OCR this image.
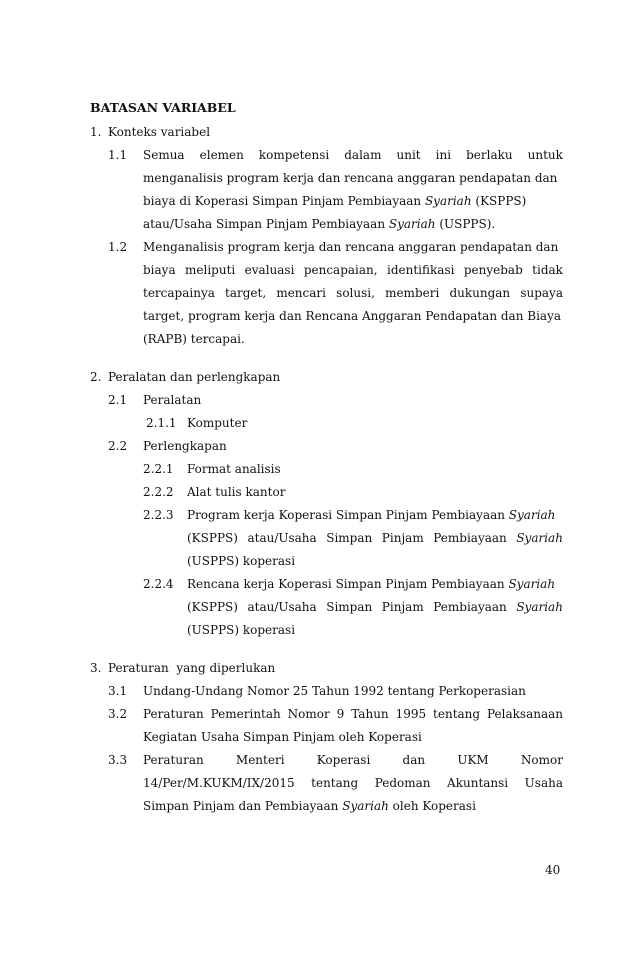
BATASAN VARIABEL
1. Konteks variabel
1.1 Semua elemen kompetensi dalam unit ini berlaku untuk
menganalisis program kerja dan rencana anggaran pendapatan dan
biaya di Koperasi Simpan Pinjam Pembiayaan Syariah (KSPPS)
atau/Usaha Simpan Pinjam Pembiayaan Syariah (USPPS).
1.2 Menganalisis program kerja dan rencana anggaran pendapatan dan
biaya meliputi evaluasi pencapaian, identifikasi penyebab tidak
tercapainya target, mencari solusi, memberi dukungan supaya
target, program kerja dan Rencana Anggaran Pendapatan dan Biaya
(RAPB) tercapai.
2. Peralatan dan perlengkapan
2.1 Peralatan
2.1.1 Komputer
2.2 Perlengkapan
2.2.1 Format analisis
2.2.2 Alat tulis kantor
2.2.3 Program kerja Koperasi Simpan Pinjam Pembiayaan Syariah
(KSPPS) atau/Usaha Simpan Pinjam Pembiayaan Syariah
(USPPS) koperasi
2.2.4 Rencana kerja Koperasi Simpan Pinjam Pembiayaan Syariah
(KSPPS) atau/Usaha Simpan Pinjam Pembiayaan Syariah
(USPPS) koperasi
3. Peraturan  yang diperlukan
3.1 Undang-Undang Nomor 25 Tahun 1992 tentang Perkoperasian
3.2 Peraturan Pemerintah Nomor 9 Tahun 1995 tentang Pelaksanaan
Kegiatan Usaha Simpan Pinjam oleh Koperasi
3.3 Peraturan	Menteri	Koperasi	dan	UKM	Nomor
14/Per/M.KUKM/IX/2015 tentang Pedoman Akuntansi Usaha
Simpan Pinjam dan Pembiayaan Syariah oleh Koperasi
40
